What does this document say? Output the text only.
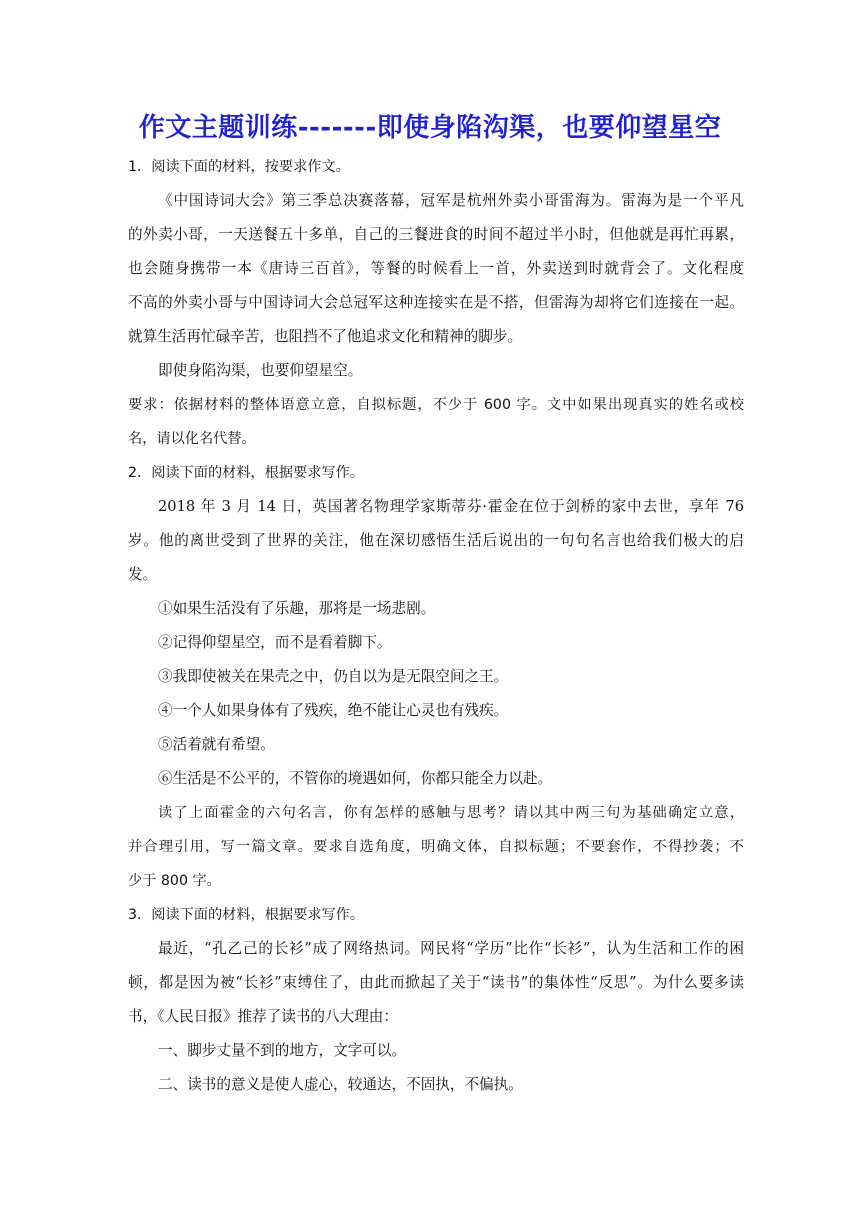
作文主题训练-------即使身陷沟渠，也要仰望星空
1．阅读下面的材料，按要求作文。
《中国诗词大会》第三季总决赛落幕，冠军是杭州外卖小哥雷海为。雷海为是一个平凡
的外卖小哥，一天送餐五十多单，自己的三餐进食的时间不超过半小时，但他就是再忙再累，
也会随身携带一本《唐诗三百首》，等餐的时候看上一首，外卖送到时就背会了。文化程度
不高的外卖小哥与中国诗词大会总冠军这种连接实在是不搭，但雷海为却将它们连接在一起。
就算生活再忙碌辛苦，也阻挡不了他追求文化和精神的脚步。
即使身陷沟渠，也要仰望星空。
要求：依据材料的整体语意立意，自拟标题，不少于 600 字。文中如果出现真实的姓名或校
名，请以化名代替。
2．阅读下面的材料，根据要求写作。
2018 年 3 月 14 日，英国著名物理学家斯蒂芬·霍金在位于剑桥的家中去世，享年 76
岁。他的离世受到了世界的关注，他在深切感悟生活后说出的一句句名言也给我们极大的启
发。
①如果生活没有了乐趣，那将是一场悲剧。
②记得仰望星空，而不是看着脚下。
③我即使被关在果壳之中，仍自以为是无限空间之王。
④一个人如果身体有了残疾，绝不能让心灵也有残疾。
⑤活着就有希望。
⑥生活是不公平的，不管你的境遇如何，你都只能全力以赴。
读了上面霍金的六句名言，你有怎样的感触与思考？请以其中两三句为基础确定立意，
并合理引用，写一篇文章。要求自选角度，明确文体，自拟标题；不要套作，不得抄袭；不
少于 800 字。
3．阅读下面的材料，根据要求写作。
最近，“孔乙己的长衫”成了网络热词。网民将“学历”比作“长衫”，认为生活和工作的困
顿，都是因为被“长衫”束缚住了，由此而掀起了关于“读书”的集体性“反思”。为什么要多读
书，《人民日报》推荐了读书的八大理由：
一、脚步丈量不到的地方，文字可以。
二、读书的意义是使人虚心，较通达，不固执，不偏执。
